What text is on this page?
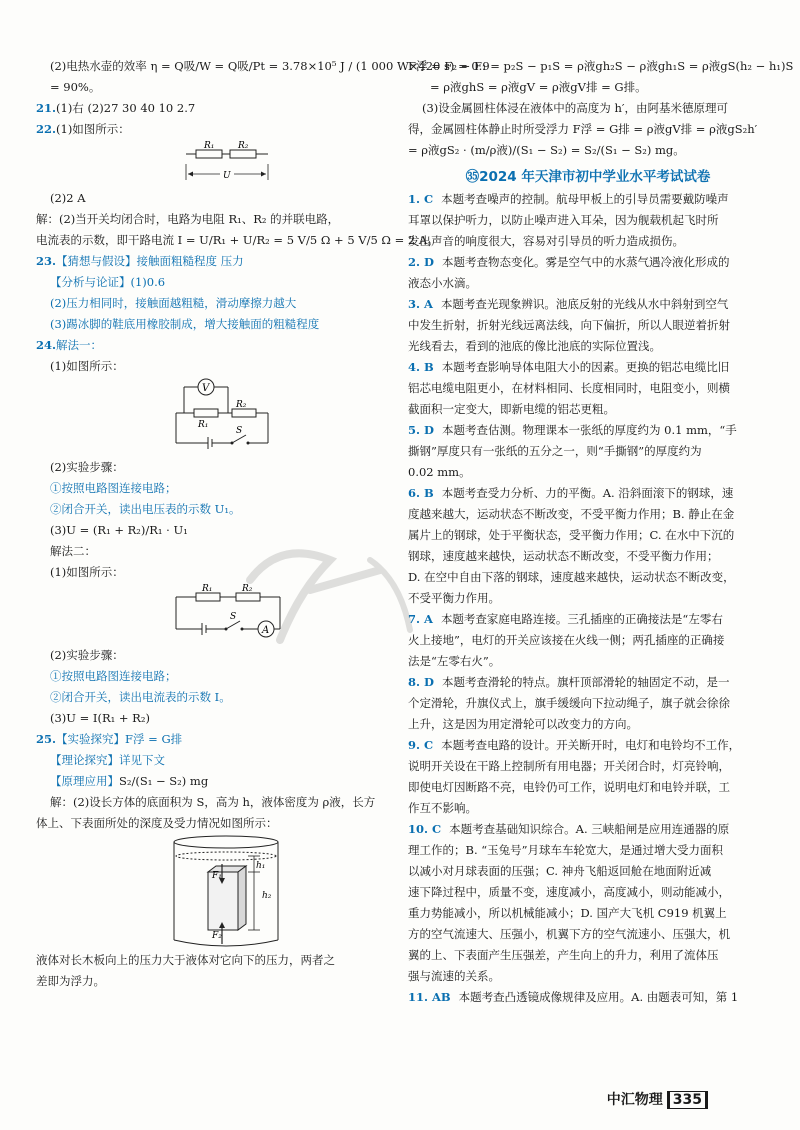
(2)电热水壶的效率 η = Q吸/W = Q吸/Pt = 3.78×10⁵ J / (1 000 W×420 s) = 0.9
= 90%。
21.(1)右 (2)27 30 40 10 2.7
22.(1)如图所示：
R₁	R₂
U
(2)2 A
解：(2)当开关均闭合时，电路为电阻 R₁、R₂ 的并联电路，
电流表的示数，即干路电流 I = U/R₁ + U/R₂ = 5 V/5 Ω + 5 V/5 Ω = 2 A。
23.【猜想与假设】接触面粗糙程度 压力
【分析与论证】(1)0.6
(2)压力相同时，接触面越粗糙，滑动摩擦力越大
(3)踢冰脚的鞋底用橡胶制成，增大接触面的粗糙程度
24.解法一：
(1)如图所示：
V
R₁
R₂
S
(2)实验步骤：
①按照电路图连接电路；
②闭合开关，读出电压表的示数 U₁。
(3)U = (R₁ + R₂)/R₁ · U₁
解法二：
(1)如图所示：
R₁	R₂
S
A
(2)实验步骤：
①按照电路图连接电路；
②闭合开关，读出电流表的示数 I。
(3)U = I(R₁ + R₂)
25.【实验探究】F浮 = G排
【理论探究】详见下文
【原理应用】S₂/(S₁ − S₂) mg
解：(2)设长方体的底面积为 S，高为 h，液体密度为 ρ液，长方
体上、下表面所处的深度及受力情况如图所示：
F₁
F₂
h₁
h₂
液体对长木板向上的压力大于液体对它向下的压力，两者之
差即为浮力。
F浮 = F₂ − F₁ = p₂S − p₁S = ρ液gh₂S − ρ液gh₁S = ρ液gS(h₂ − h₁)S
= ρ液ghS = ρ液gV = ρ液gV排 = G排。
(3)设金属圆柱体浸在液体中的高度为 h′，由阿基米德原理可
得，金属圆柱体静止时所受浮力 F浮 = G排 = ρ液gV排 = ρ液gS₂h′
= ρ液gS₂ · (m/ρ液)/(S₁ − S₂) = S₂/(S₁ − S₂) mg。
㉟2024 年天津市初中学业水平考试试卷
1. C 本题考查噪声的控制。航母甲板上的引导员需要戴防噪声
耳罩以保护听力，以防止噪声进入耳朵，因为舰载机起飞时所
发出声音的响度很大，容易对引导员的听力造成损伤。
2. D 本题考查物态变化。雾是空气中的水蒸气遇冷液化形成的
液态小水滴。
3. A 本题考查光现象辨识。池底反射的光线从水中斜射到空气
中发生折射，折射光线远离法线，向下偏折，所以人眼逆着折射
光线看去，看到的池底的像比池底的实际位置浅。
4. B 本题考查影响导体电阻大小的因素。更换的铝芯电缆比旧
铝芯电缆电阻更小，在材料相同、长度相同时，电阻变小，则横
截面积一定变大，即新电缆的铝芯更粗。
5. D 本题考查估测。物理课本一张纸的厚度约为 0.1 mm，“手
撕钢”厚度只有一张纸的五分之一，则“手撕钢”的厚度约为
0.02 mm。
6. B 本题考查受力分析、力的平衡。A. 沿斜面滚下的钢球，速
度越来越大，运动状态不断改变，不受平衡力作用；B. 静止在金
属片上的钢球，处于平衡状态，受平衡力作用；C. 在水中下沉的
钢球，速度越来越快，运动状态不断改变，不受平衡力作用；
D. 在空中自由下落的钢球，速度越来越快，运动状态不断改变，
不受平衡力作用。
7. A 本题考查家庭电路连接。三孔插座的正确接法是“左零右
火上接地”，电灯的开关应该接在火线一侧；两孔插座的正确接
法是“左零右火”。
8. D 本题考查滑轮的特点。旗杆顶部滑轮的轴固定不动，是一
个定滑轮，升旗仪式上，旗手缓缓向下拉动绳子，旗子就会徐徐
上升，这是因为用定滑轮可以改变力的方向。
9. C 本题考查电路的设计。开关断开时，电灯和电铃均不工作，
说明开关设在干路上控制所有用电器；开关闭合时，灯亮铃响，
即使电灯因断路不亮，电铃仍可工作，说明电灯和电铃并联，工
作互不影响。
10. C 本题考查基础知识综合。A. 三峡船闸是应用连通器的原
理工作的；B. “玉兔号”月球车车轮宽大，是通过增大受力面积
以减小对月球表面的压强；C. 神舟飞船返回舱在地面附近减
速下降过程中，质量不变，速度减小，高度减小，则动能减小，
重力势能减小，所以机械能减小；D. 国产大飞机 C919 机翼上
方的空气流速大、压强小，机翼下方的空气流速小、压强大，机
翼的上、下表面产生压强差，产生向上的升力，利用了流体压
强与流速的关系。
11. AB 本题考查凸透镜成像规律及应用。A. 由题表可知，第 1
中汇物理 335
